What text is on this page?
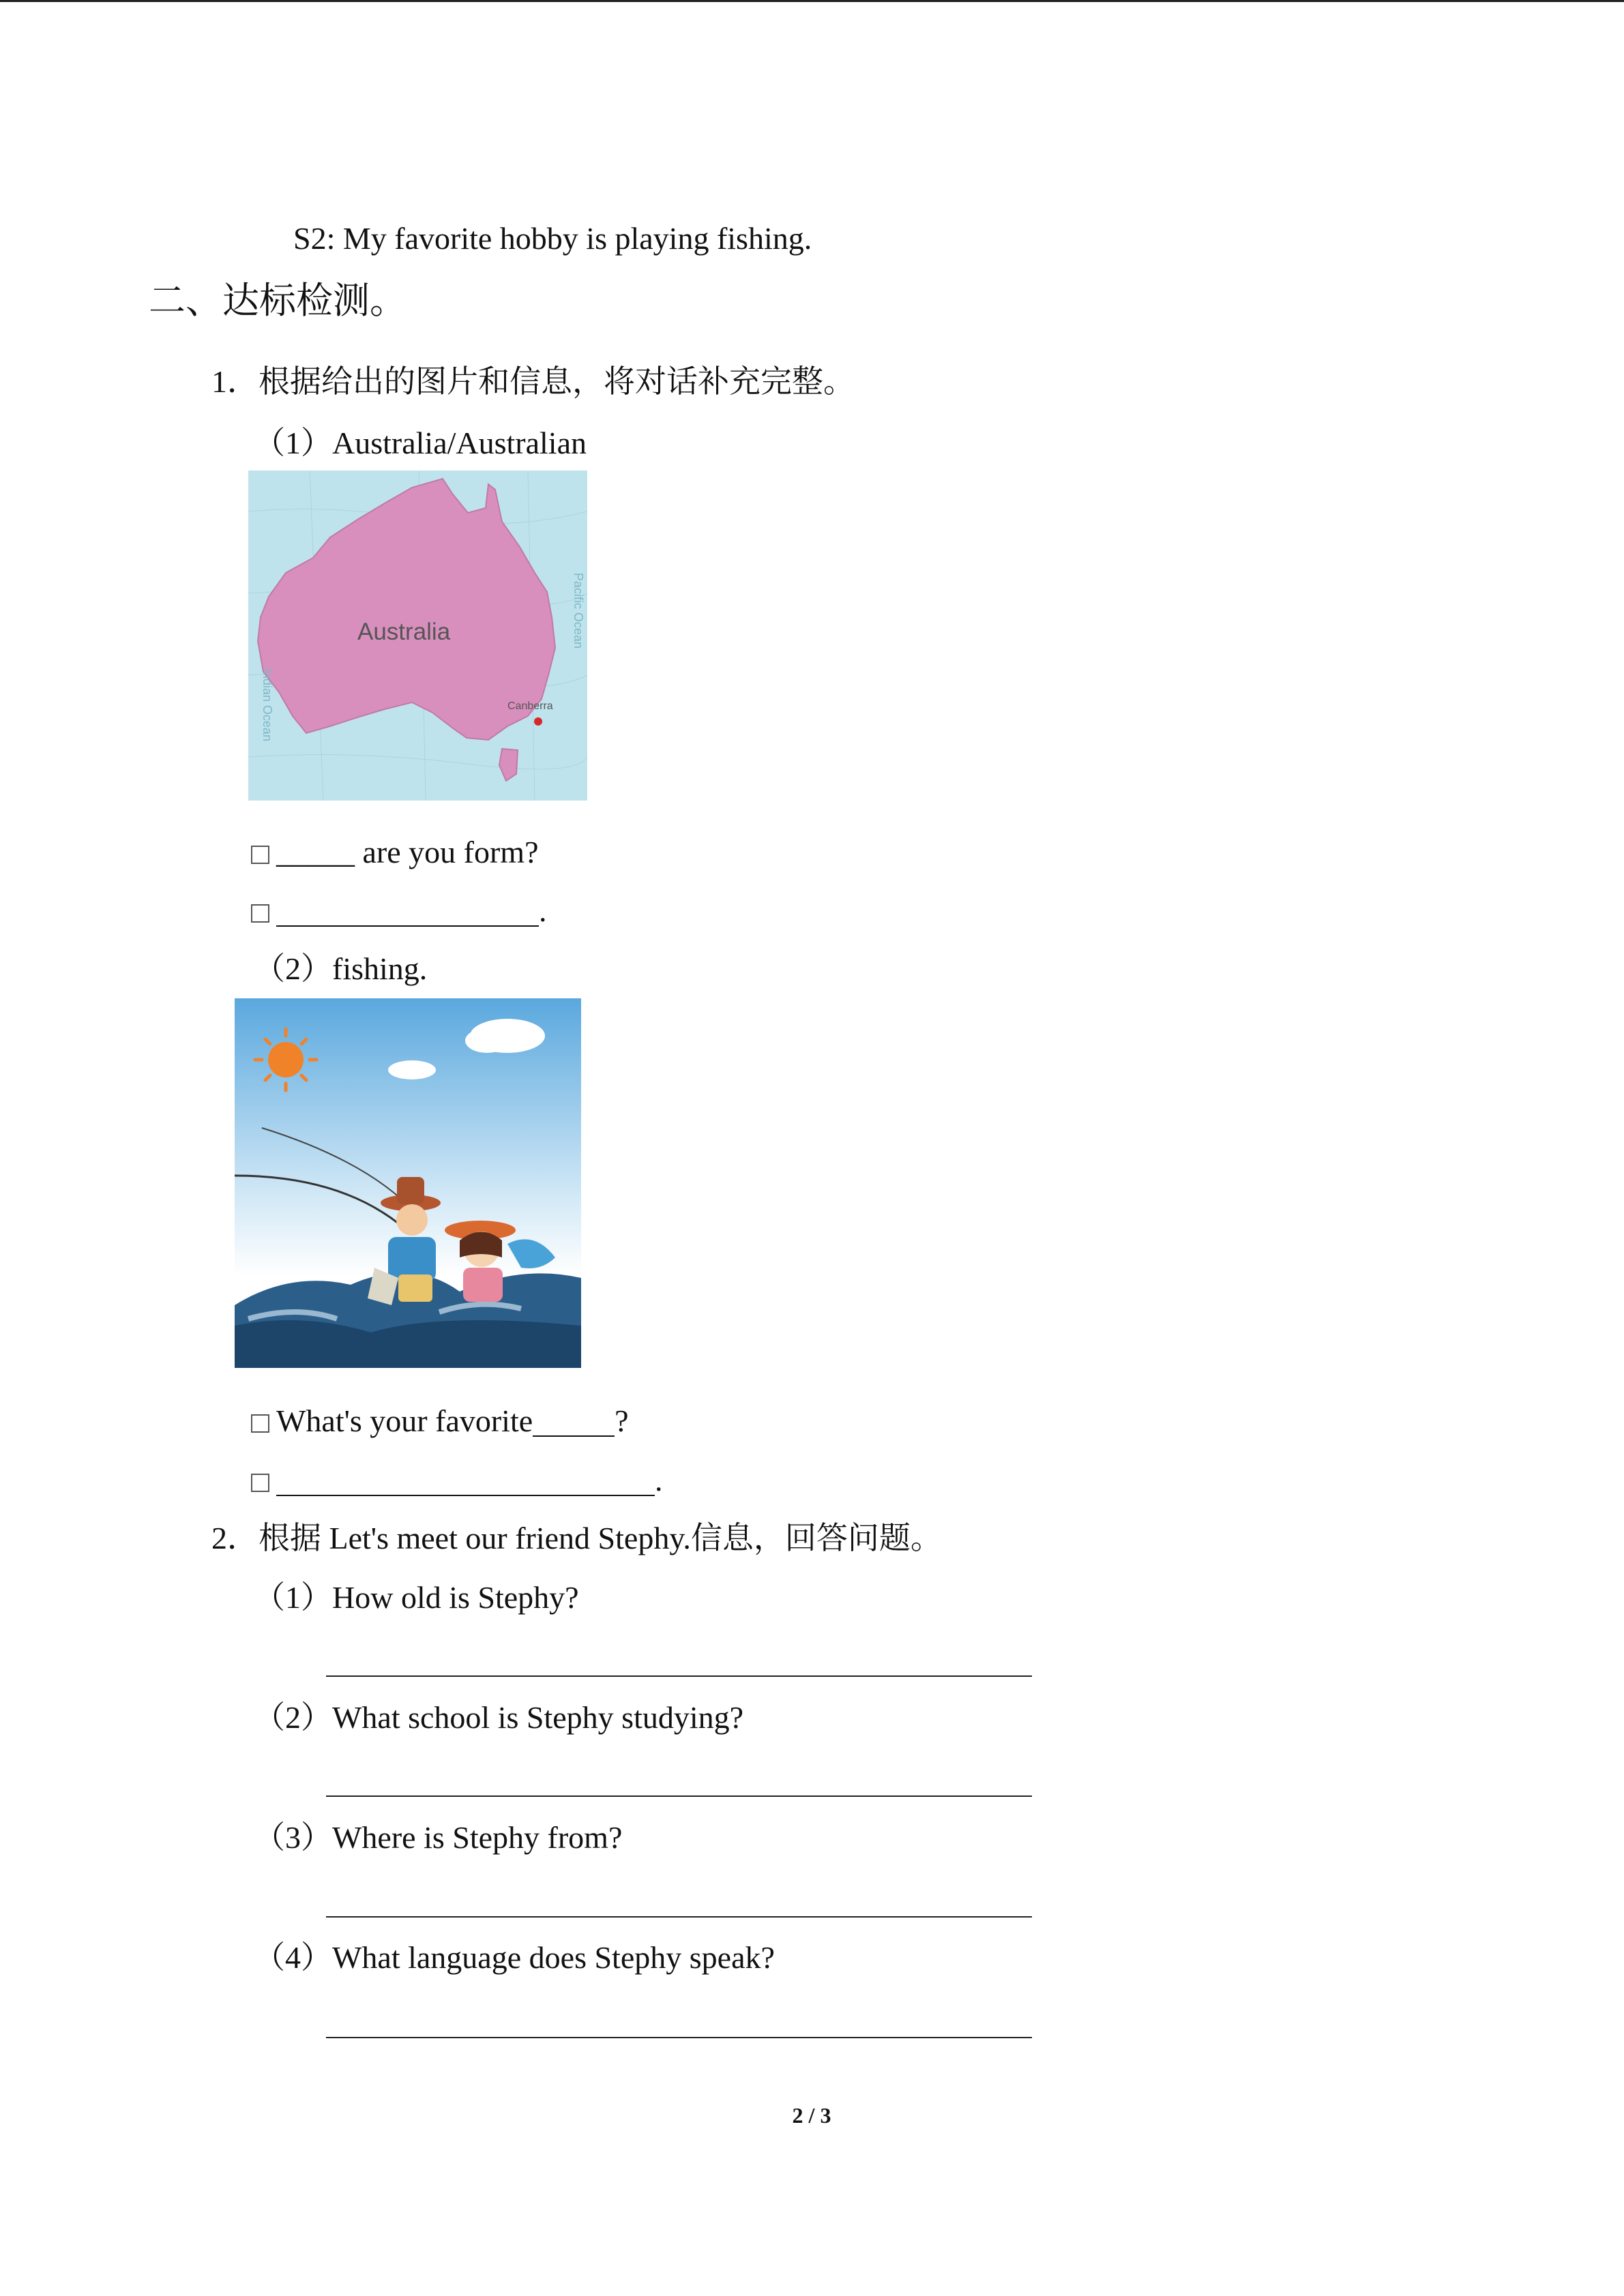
S2: My favorite hobby is playing fishing.
二、达标检测。
1．根据给出的图片和信息，将对话补充完整。
（1）Australia/Australian
Australia
Canberra
Pacific Ocean
Indian Ocean
_____ are you form?
.
（2）fishing.
What's your favorite	?
.
2．根据 Let's meet our friend Stephy.信息，回答问题。
（1）How old is Stephy?
（2）What school is Stephy studying?
（3）Where is Stephy from?
（4）What language does Stephy speak?
2 / 3
